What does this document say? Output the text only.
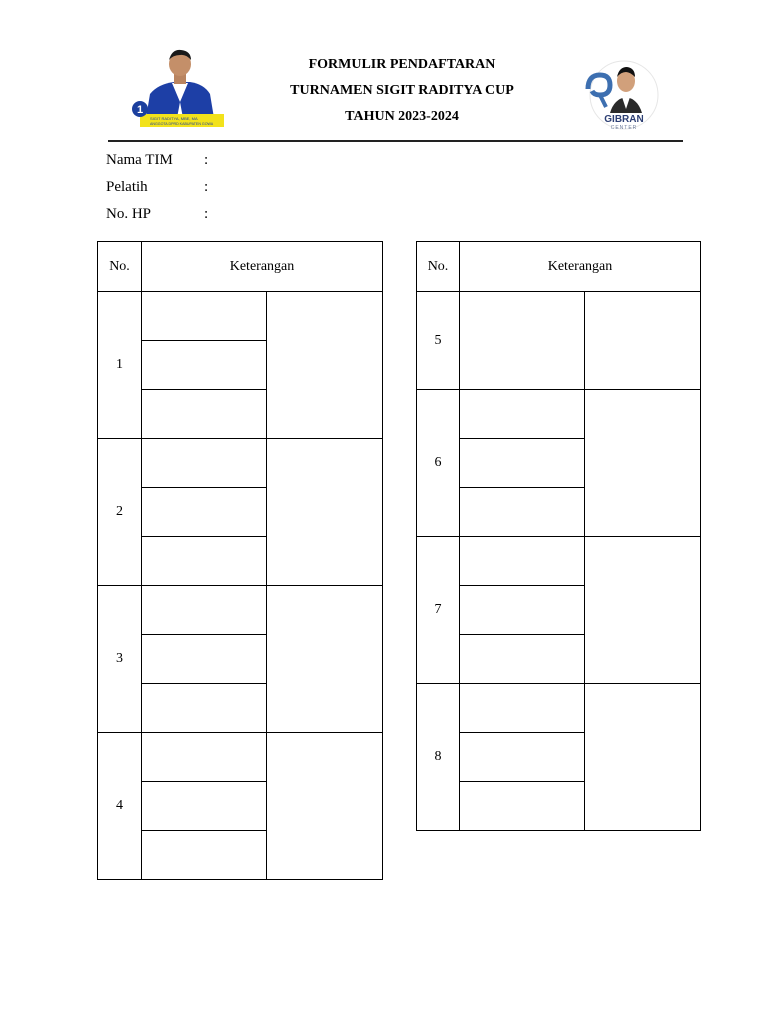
FORMULIR PENDAFTARAN
TURNAMEN SIGIT RADITYA CUP
TAHUN 2023-2024
1
SIGIT RADITYA, MBE, MA
ANGGOTA DPRD KABUPATEN GOWA	GIBRAN
CENTER
Nama TIM :
Pelatih	:
No. HP	:
No.	Keterangan	
1		

2		

3		

4		

No.	Keterangan	
5		

6		

7		

8		
